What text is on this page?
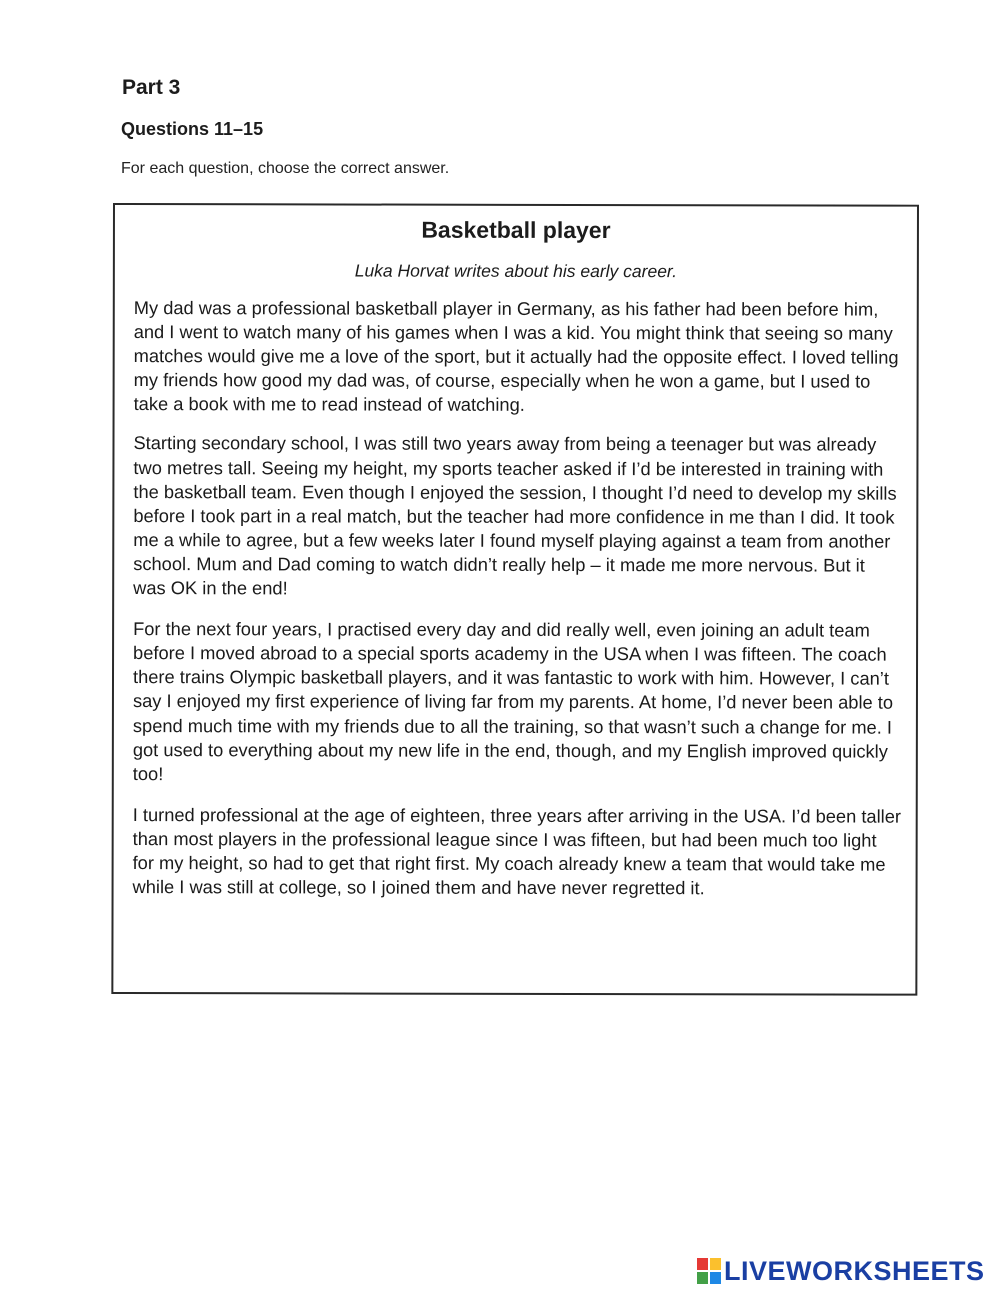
Part 3
Questions 11–15

For each question, choose the correct answer.

Basketball player

Luka Horvat writes about his early career.

My dad was a professional basketball player in Germany, as his father had been before him, and I went to watch many of his games when I was a kid. You might think that seeing so many matches would give me a love of the sport, but it actually had the opposite effect. I loved telling my friends how good my dad was, of course, especially when he won a game, but I used to take a book with me to read instead of watching.

Starting secondary school, I was still two years away from being a teenager but was already two metres tall. Seeing my height, my sports teacher asked if I’d be interested in training with the basketball team. Even though I enjoyed the session, I thought I’d need to develop my skills before I took part in a real match, but the teacher had more confidence in me than I did. It took me a while to agree, but a few weeks later I found myself playing against a team from another school. Mum and Dad coming to watch didn’t really help – it made me more nervous. But it was OK in the end!

For the next four years, I practised every day and did really well, even joining an adult team before I moved abroad to a special sports academy in the USA when I was fifteen. The coach there trains Olympic basketball players, and it was fantastic to work with him. However, I can’t say I enjoyed my first experience of living far from my parents. At home, I’d never been able to spend much time with my friends due to all the training, so that wasn’t such a change for me. I got used to everything about my new life in the end, though, and my English improved quickly too!

I turned professional at the age of eighteen, three years after arriving in the USA. I’d been taller than most players in the professional league since I was fifteen, but had been much too light for my height, so had to get that right first. My coach already knew a team that would take me while I was still at college, so I joined them and have never regretted it.

LIVEWORKSHEETS
